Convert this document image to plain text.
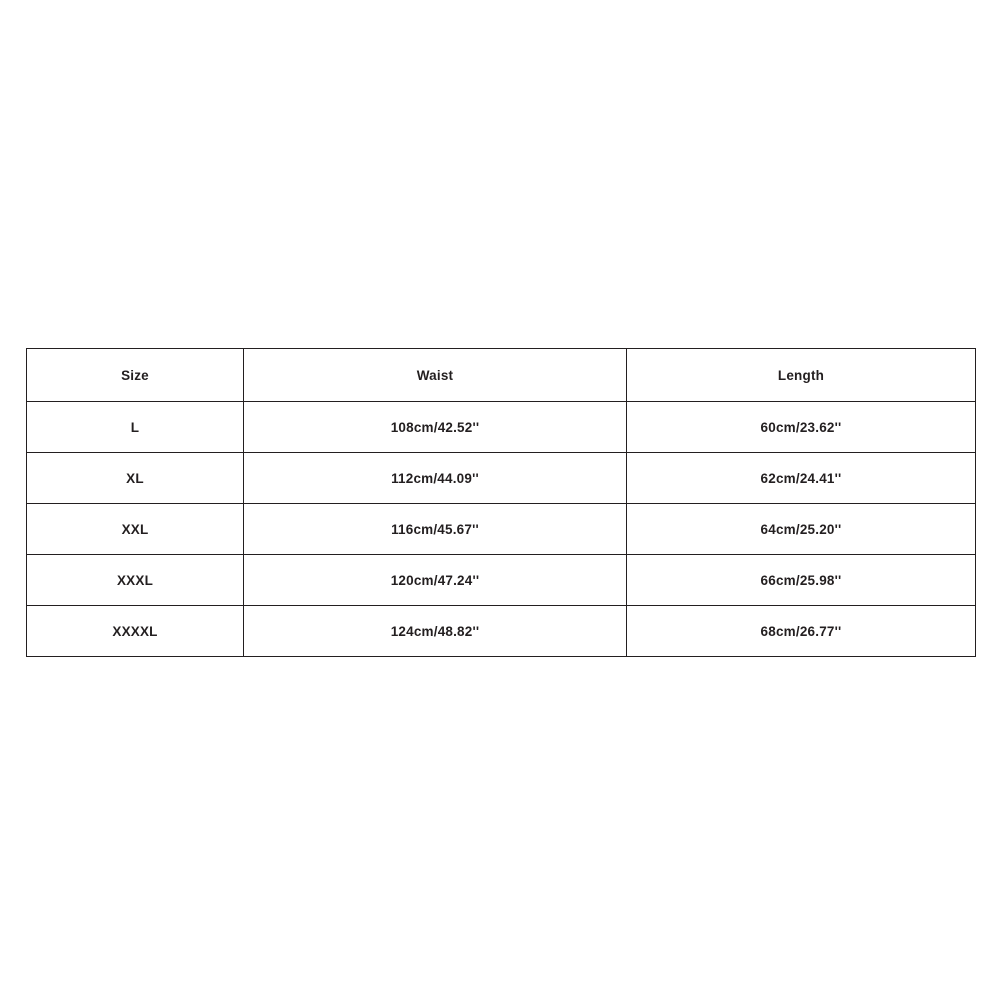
Size	Waist	Length
L	108cm/42.52''	60cm/23.62''
XL	112cm/44.09''	62cm/24.41''
XXL	116cm/45.67''	64cm/25.20''
XXXL	120cm/47.24''	66cm/25.98''
XXXXL	124cm/48.82''	68cm/26.77''
